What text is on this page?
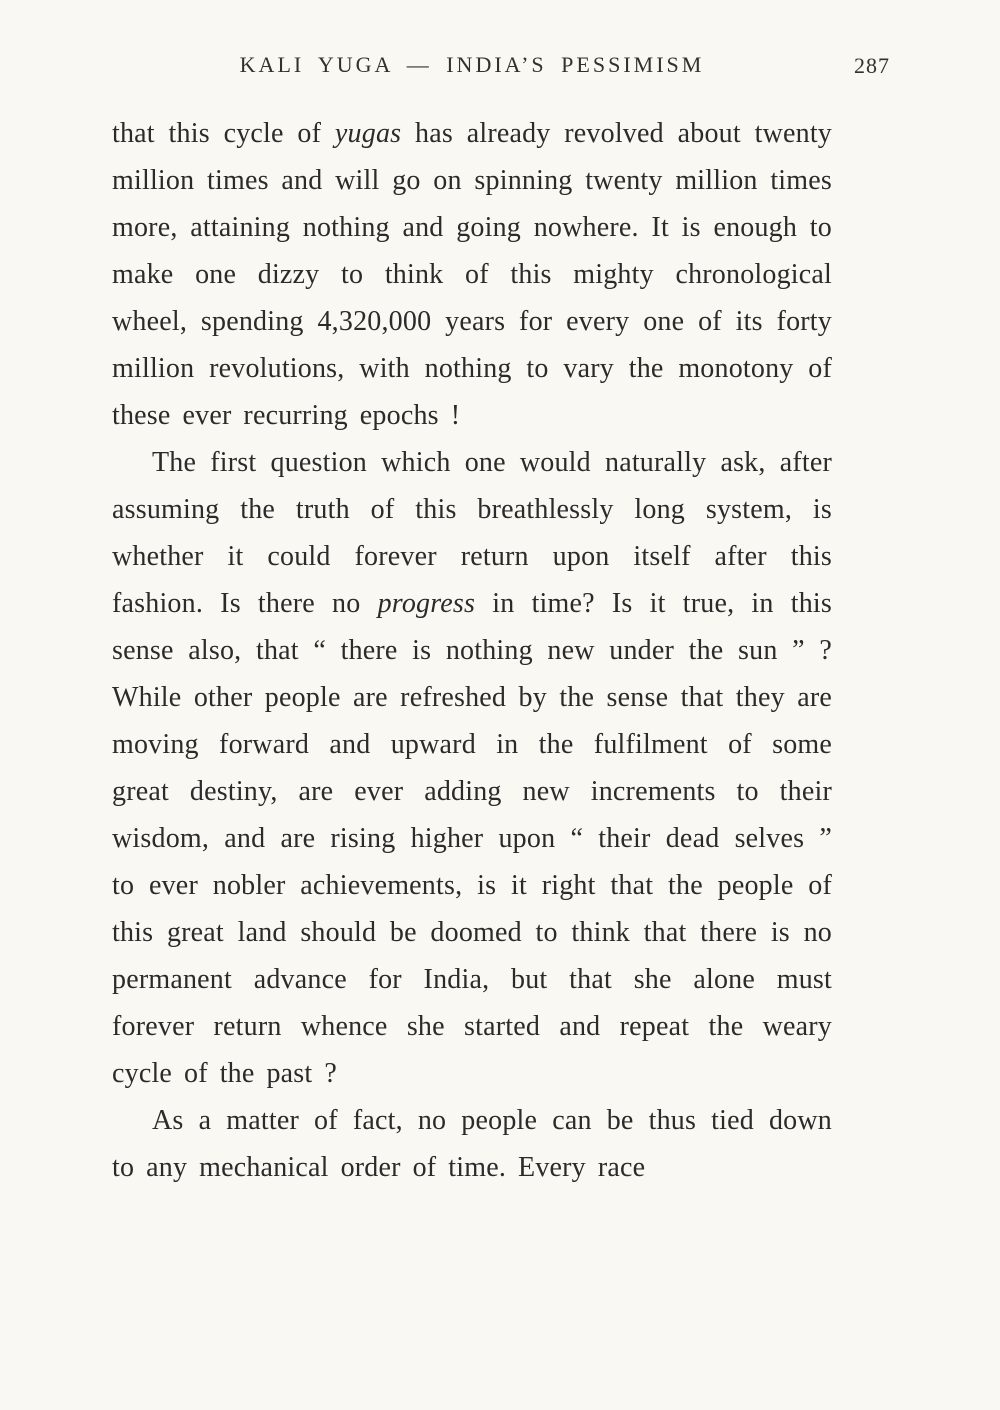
KALI YUGA — INDIA’S PESSIMISM	287

that this cycle of yugas has already revolved about twenty million times and will go on spinning twenty million times more, attaining nothing and going nowhere. It is enough to make one dizzy to think of this mighty chronological wheel, spending 4,320,000 years for every one of its forty million revolutions, with nothing to vary the monotony of these ever recurring epochs !

The first question which one would naturally ask, after assuming the truth of this breathlessly long system, is whether it could forever return upon itself after this fashion. Is there no progress in time? Is it true, in this sense also, that “ there is nothing new under the sun ” ? While other people are refreshed by the sense that they are moving forward and upward in the fulfilment of some great destiny, are ever adding new increments to their wisdom, and are rising higher upon “ their dead selves ” to ever nobler achievements, is it right that the people of this great land should be doomed to think that there is no permanent advance for India, but that she alone must forever return whence she started and repeat the weary cycle of the past ?

As a matter of fact, no people can be thus tied down to any mechanical order of time. Every race
